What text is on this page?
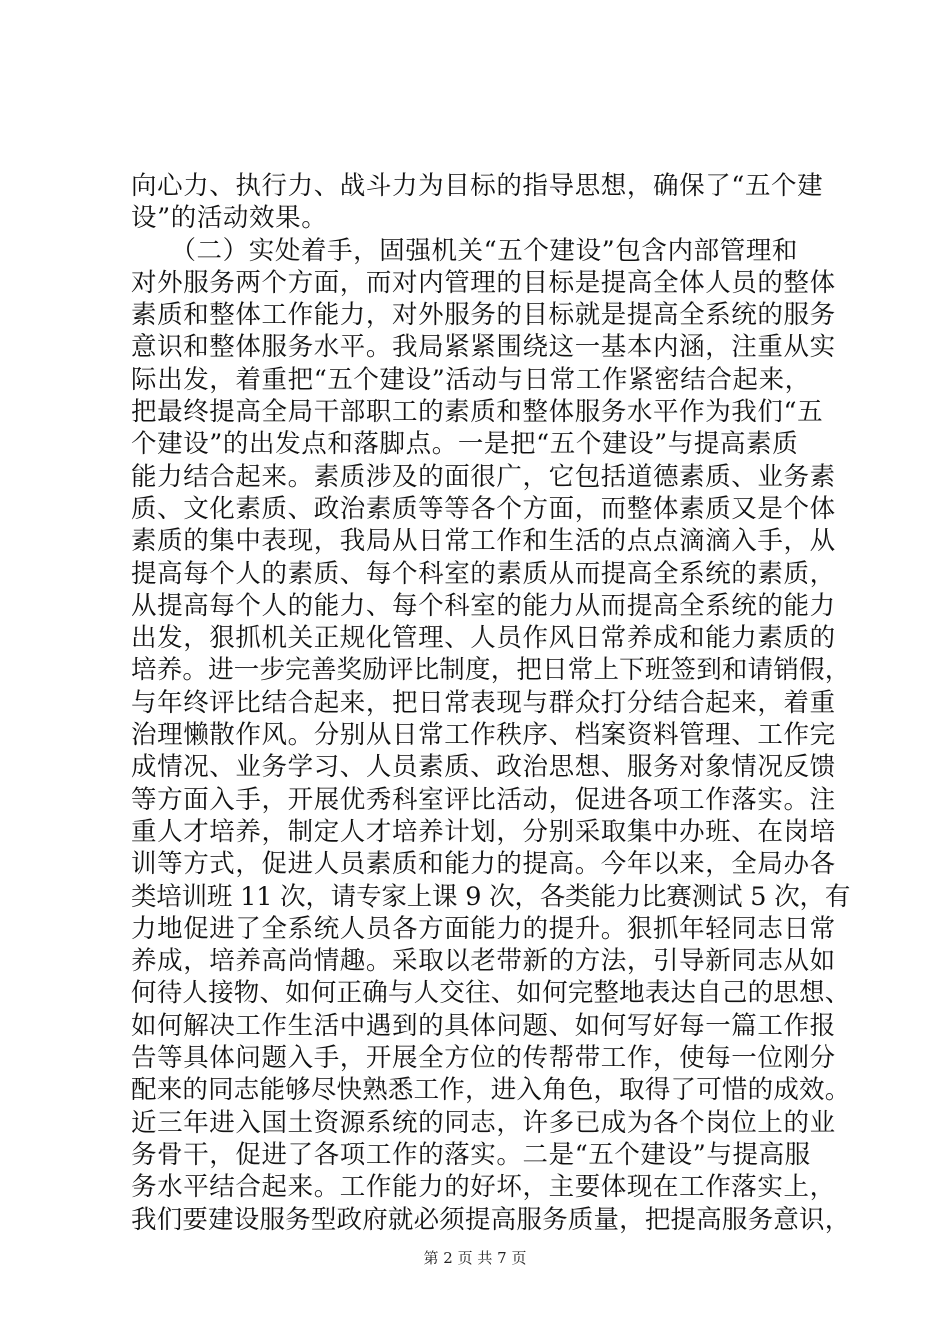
向心力、执行力、战斗力为目标的指导思想，确保了“五个建
设”的活动效果。
　　（二）实处着手，固强机关“五个建设”包含内部管理和
对外服务两个方面，而对内管理的目标是提高全体人员的整体
素质和整体工作能力，对外服务的目标就是提高全系统的服务
意识和整体服务水平。我局紧紧围绕这一基本内涵，注重从实
际出发，着重把“五个建设”活动与日常工作紧密结合起来，
把最终提高全局干部职工的素质和整体服务水平作为我们“五
个建设”的出发点和落脚点。一是把“五个建设”与提高素质
能力结合起来。素质涉及的面很广，它包括道德素质、业务素
质、文化素质、政治素质等等各个方面，而整体素质又是个体
素质的集中表现，我局从日常工作和生活的点点滴滴入手，从
提高每个人的素质、每个科室的素质从而提高全系统的素质，
从提高每个人的能力、每个科室的能力从而提高全系统的能力
出发，狠抓机关正规化管理、人员作风日常养成和能力素质的
培养。进一步完善奖励评比制度，把日常上下班签到和请销假，
与年终评比结合起来，把日常表现与群众打分结合起来，着重
治理懒散作风。分别从日常工作秩序、档案资料管理、工作完
成情况、业务学习、人员素质、政治思想、服务对象情况反馈
等方面入手，开展优秀科室评比活动，促进各项工作落实。注
重人才培养，制定人才培养计划，分别采取集中办班、在岗培
训等方式，促进人员素质和能力的提高。今年以来，全局办各
类培训班 11 次，请专家上课 9 次，各类能力比赛测试 5 次，有
力地促进了全系统人员各方面能力的提升。狠抓年轻同志日常
养成，培养高尚情趣。采取以老带新的方法，引导新同志从如
何待人接物、如何正确与人交往、如何完整地表达自己的思想、
如何解决工作生活中遇到的具体问题、如何写好每一篇工作报
告等具体问题入手，开展全方位的传帮带工作，使每一位刚分
配来的同志能够尽快熟悉工作，进入角色，取得了可惜的成效。
近三年进入国土资源系统的同志，许多已成为各个岗位上的业
务骨干，促进了各项工作的落实。二是“五个建设”与提高服
务水平结合起来。工作能力的好坏，主要体现在工作落实上，
我们要建设服务型政府就必须提高服务质量，把提高服务意识，
第 2 页 共 7 页
